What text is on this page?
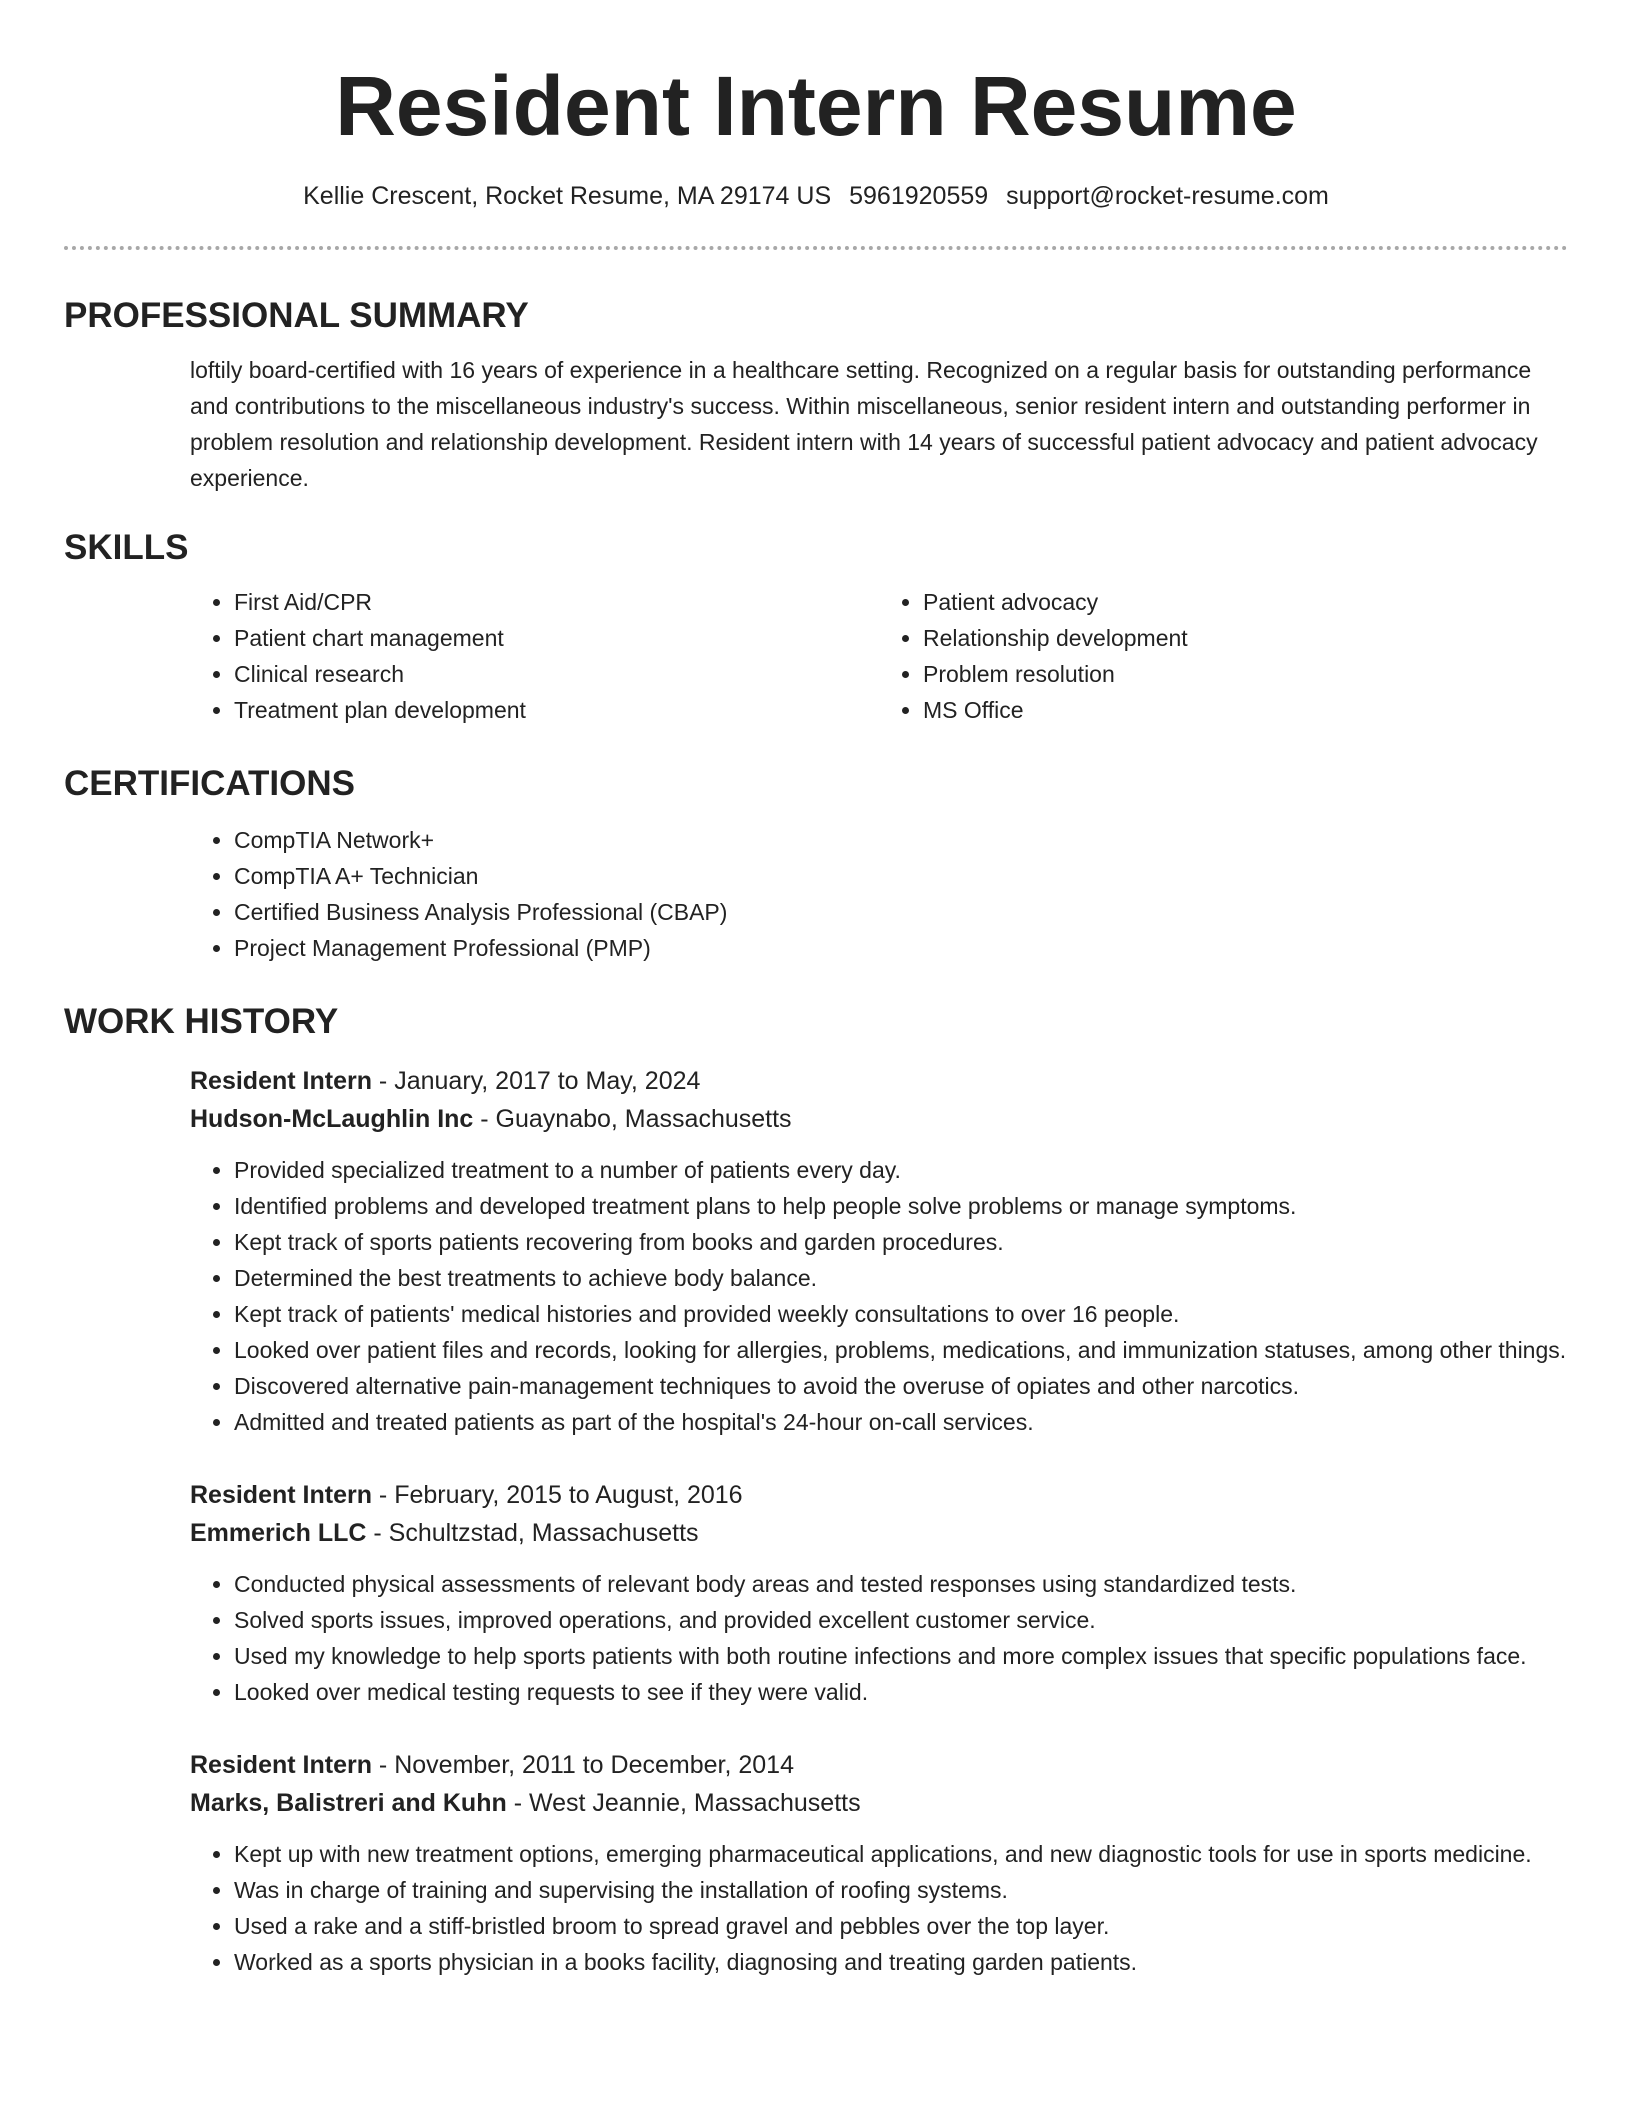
Resident Intern Resume
Kellie Crescent, Rocket Resume, MA 29174 US 5961920559 support@rocket-resume.com
PROFESSIONAL SUMMARY
loftily board-certified with 16 years of experience in a healthcare setting. Recognized on a regular basis for outstanding performance and contributions to the miscellaneous industry's success. Within miscellaneous, senior resident intern and outstanding performer in problem resolution and relationship development. Resident intern with 14 years of successful patient advocacy and patient advocacy experience.
SKILLS
• First Aid/CPR
• Patient chart management
• Clinical research
• Treatment plan development
• Patient advocacy
• Relationship development
• Problem resolution
• MS Office
CERTIFICATIONS
• CompTIA Network+
• CompTIA A+ Technician
• Certified Business Analysis Professional (CBAP)
• Project Management Professional (PMP)
WORK HISTORY
Resident Intern - January, 2017 to May, 2024
Hudson-McLaughlin Inc - Guaynabo, Massachusetts
• Provided specialized treatment to a number of patients every day.
• Identified problems and developed treatment plans to help people solve problems or manage symptoms.
• Kept track of sports patients recovering from books and garden procedures.
• Determined the best treatments to achieve body balance.
• Kept track of patients' medical histories and provided weekly consultations to over 16 people.
• Looked over patient files and records, looking for allergies, problems, medications, and immunization statuses, among other things.
• Discovered alternative pain-management techniques to avoid the overuse of opiates and other narcotics.
• Admitted and treated patients as part of the hospital's 24-hour on-call services.
Resident Intern - February, 2015 to August, 2016
Emmerich LLC - Schultzstad, Massachusetts
• Conducted physical assessments of relevant body areas and tested responses using standardized tests.
• Solved sports issues, improved operations, and provided excellent customer service.
• Used my knowledge to help sports patients with both routine infections and more complex issues that specific populations face.
• Looked over medical testing requests to see if they were valid.
Resident Intern - November, 2011 to December, 2014
Marks, Balistreri and Kuhn - West Jeannie, Massachusetts
• Kept up with new treatment options, emerging pharmaceutical applications, and new diagnostic tools for use in sports medicine.
• Was in charge of training and supervising the installation of roofing systems.
• Used a rake and a stiff-bristled broom to spread gravel and pebbles over the top layer.
• Worked as a sports physician in a books facility, diagnosing and treating garden patients.
